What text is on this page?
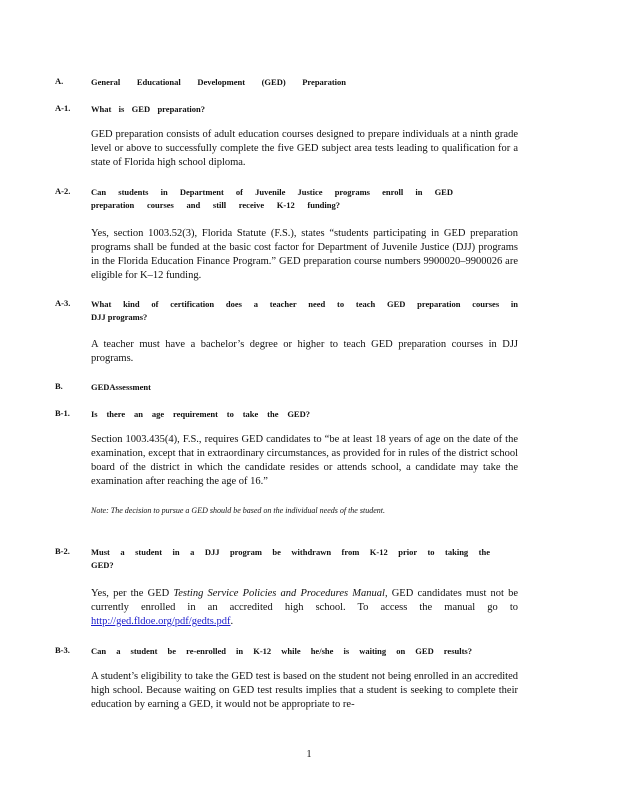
A.	General Educational Development (GED) Preparation
A-1. What is GED preparation?
GED preparation consists of adult education courses designed to prepare individuals at a ninth grade level or above to successfully complete the five GED subject area tests leading to qualification for a state of Florida high school diploma.
A-2. Can students in Department of Juvenile Justice programs enroll in GED
preparation courses and still receive K-12 funding?
Yes, section 1003.52(3), Florida Statute (F.S.), states “students participating in GED preparation programs shall be funded at the basic cost factor for Department of Juvenile Justice (DJJ) programs in the Florida Education Finance Program.” GED preparation course numbers 9900020–9900026 are eligible for K–12 funding.
A-3. What kind of certification does a teacher need to teach GED preparation courses in
DJJ programs?
A teacher must have a bachelor’s degree or higher to teach GED preparation courses in DJJ programs.
B.	GEDAssessment
B-1. Is there an age requirement to take the GED?
Section 1003.435(4), F.S., requires GED candidates to “be at least 18 years of age on the date of the examination, except that in extraordinary circumstances, as provided for in rules of the district school board of the district in which the candidate resides or attends school, a candidate may take the examination after reaching the age of 16.”
Note: The decision to pursue a GED should be based on the individual needs of the student.
B-2. Must a student in a DJJ program be withdrawn from K-12 prior to taking the
GED?

Yes, per the GED Testing Service Policies and Procedures Manual, GED candidates must not be currently enrolled in an accredited high school. To access the manual go to http://ged.fldoe.org/pdf/gedts.pdf.

B-3. Can a student be re-enrolled in K-12 while he/she is waiting on GED results?
A student’s eligibility to take the GED test is based on the student not being enrolled in an accredited high school. Because waiting on GED test results implies that a student is seeking to complete their education by earning a GED, it would not be appropriate to re-
1
